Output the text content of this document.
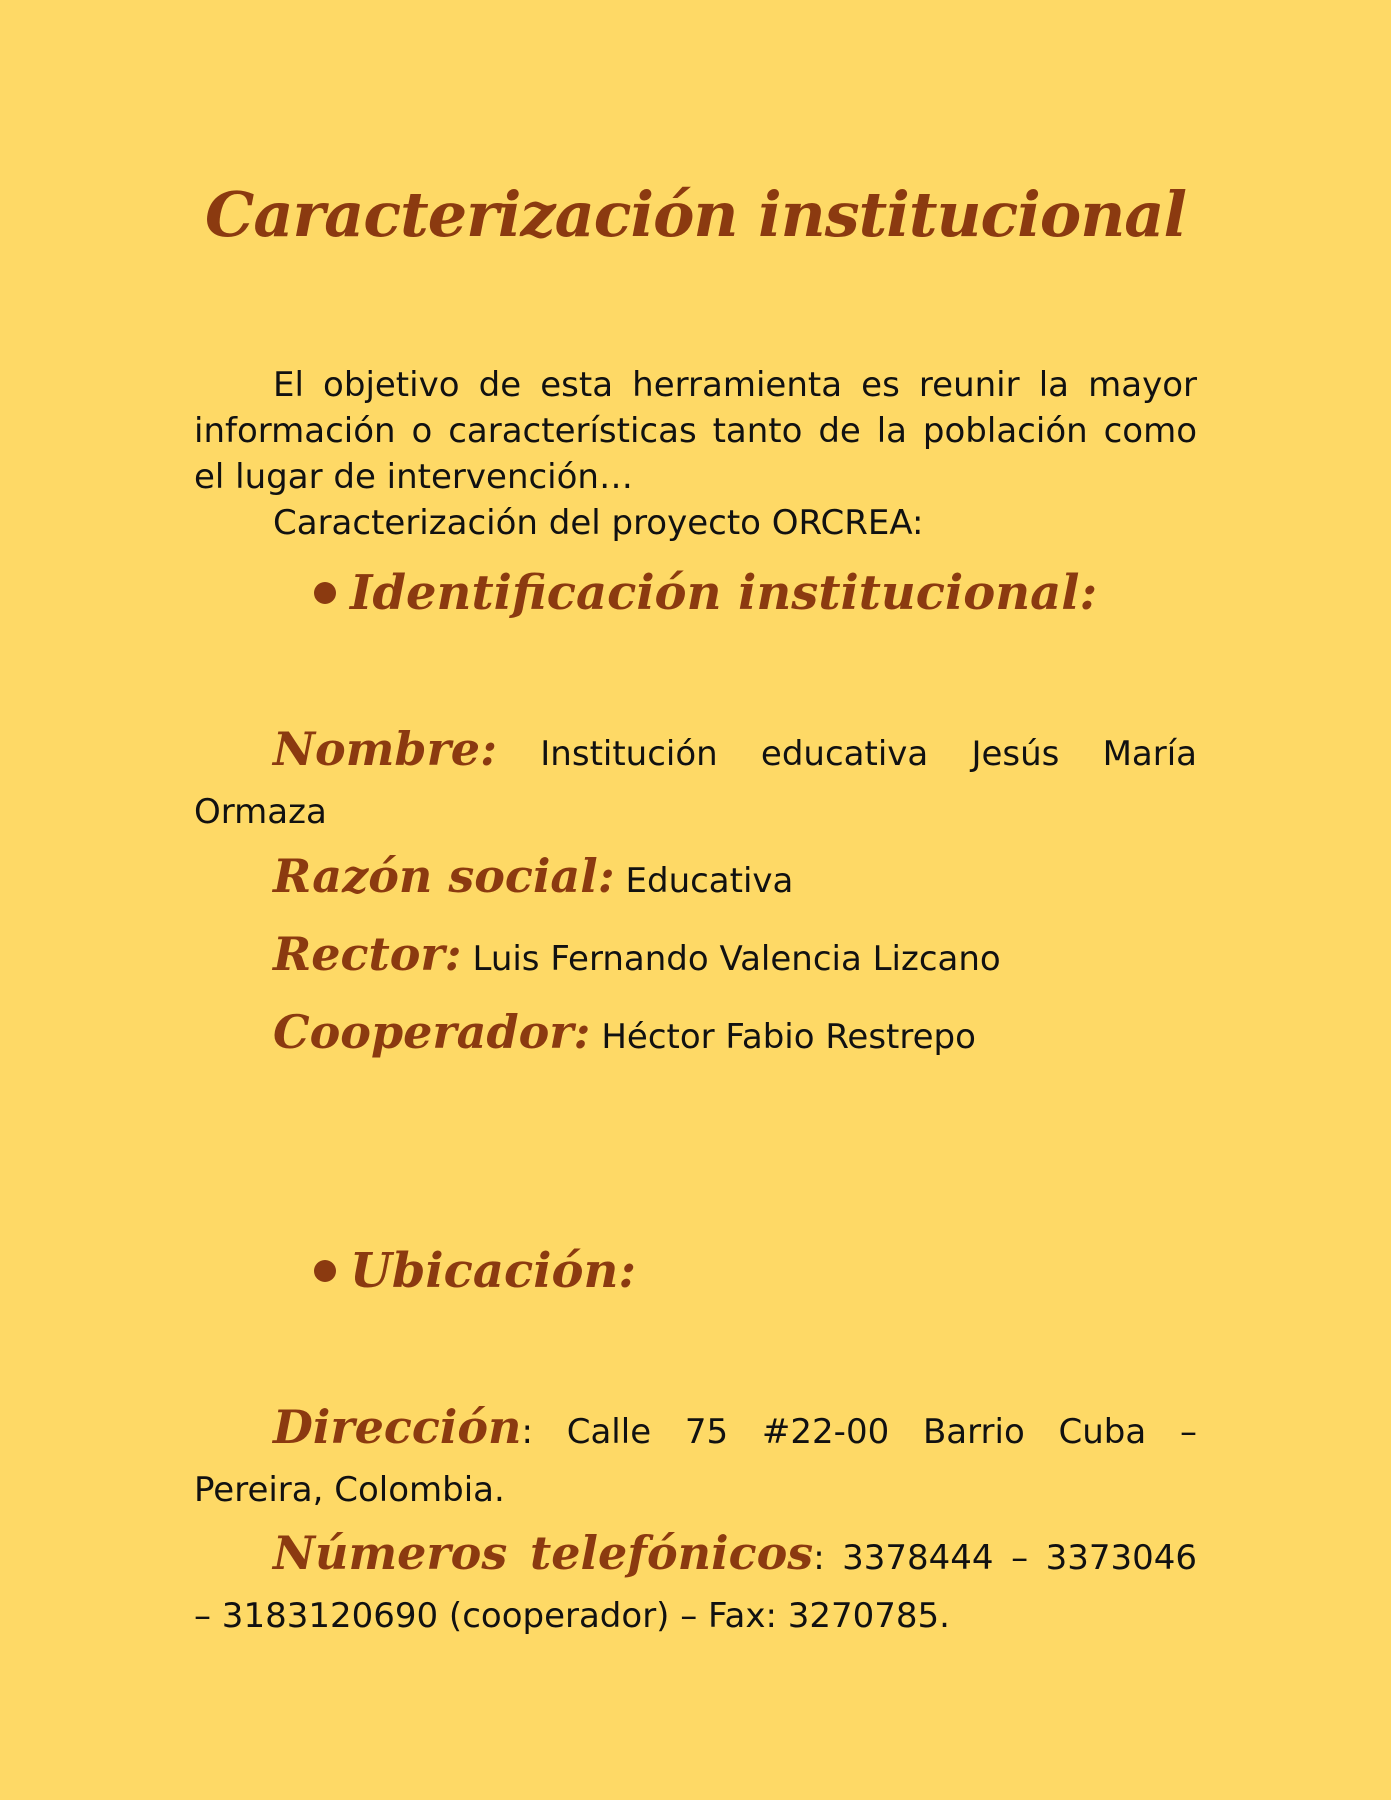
Caracterización institucional

El objetivo de esta herramienta es reunir la mayor información o características tanto de la población como el lugar de intervención…

Caracterización del proyecto ORCREA:

Identificación institucional:

Nombre: Institución educativa Jesús María Ormaza

Razón social: Educativa

Rector: Luis Fernando Valencia Lizcano

Cooperador: Héctor Fabio Restrepo

Ubicación:

Dirección: Calle 75 #22-00 Barrio Cuba – Pereira, Colombia.

Números telefónicos: 3378444 – 3373046 – 3183120690 (cooperador) – Fax: 3270785.
